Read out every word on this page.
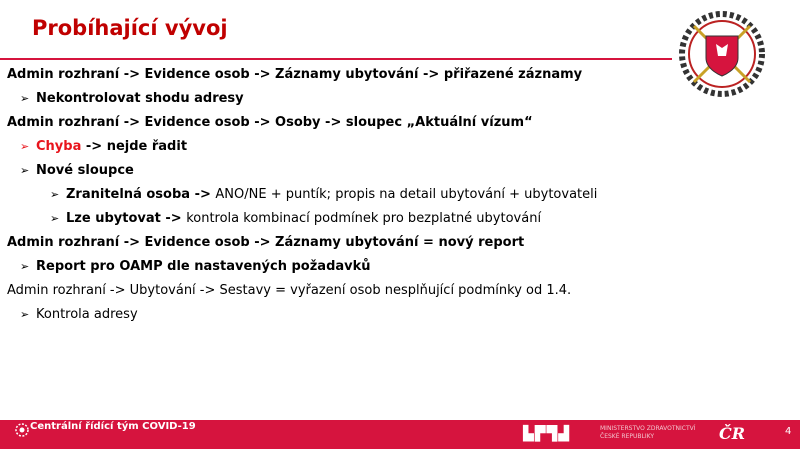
Probíhající vývoj
Admin rozhraní -> Evidence osob -> Záznamy ubytování -> přiřazené záznamy
➢ Nekontrolovat shodu adresy
Admin rozhraní -> Evidence osob -> Osoby -> sloupec „Aktuální vízum“
➢ Chyba -> nejde řadit
➢ Nové sloupce
➢ Zranitelná osoba -> ANO/NE + puntík; propis na detail ubytování + ubytovateli
➢ Lze ubytovat -> kontrola kombinací podmínek pro bezplatné ubytování
Admin rozhraní -> Evidence osob -> Záznamy ubytování = nový report
➢ Report pro OAMP dle nastavených požadavků
Admin rozhraní -> Ubytování -> Sestavy = vyřazení osob nesplňující podmínky od 1.4.
➢ Kontrola adresy
Centrální řídící tým COVID-19	▙▛▜▟	MINISTERSTVO ZDRAVOTNICTVÍ
ČESKÉ REPUBLIKY	ČR	4
